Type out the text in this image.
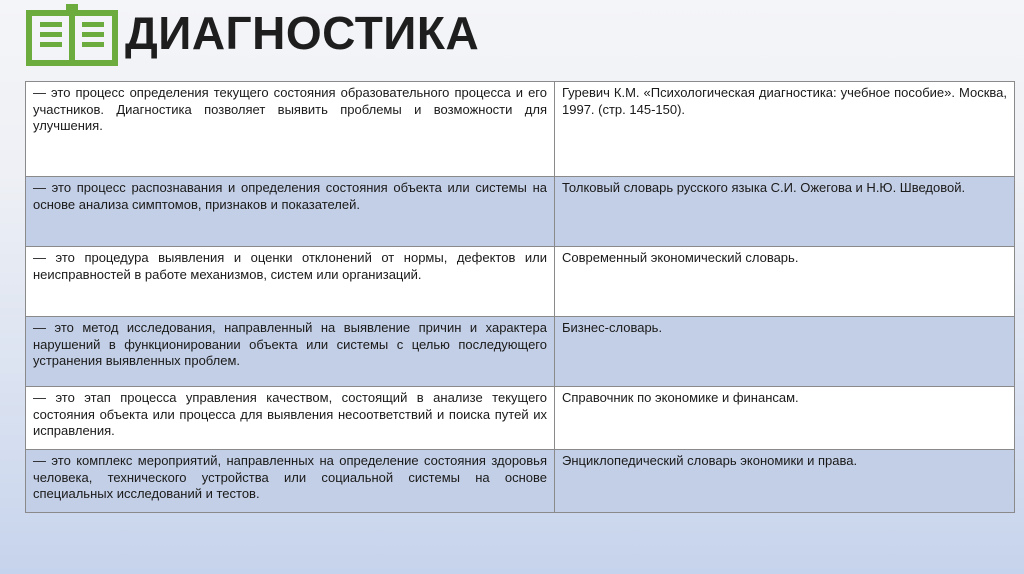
ДИАГНОСТИКА
— это процесс определения текущего состояния образовательного процесса и его участников. Диагностика позволяет выявить проблемы и возможности для улучшения.	Гуревич К.М. «Психологическая диагностика: учебное пособие». Москва, 1997. (стр. 145-150).
— это процесс распознавания и определения состояния объекта или системы на основе анализа симптомов, признаков и показателей.	Толковый словарь русского языка С.И. Ожегова и Н.Ю. Шведовой.
— это процедура выявления и оценки отклонений от нормы, дефектов или неисправностей в работе механизмов, систем или организаций.	Современный экономический словарь.
— это метод исследования, направленный на выявление причин и характера нарушений в функционировании объекта или системы с целью последующего устранения выявленных проблем.	Бизнес-словарь.
— это этап процесса управления качеством, состоящий в анализе текущего состояния объекта или процесса для выявления несоответствий и поиска путей их исправления.	Справочник по экономике и финансам.
— это комплекс мероприятий, направленных на определение состояния здоровья человека, технического устройства или социальной системы на основе специальных исследований и тестов.	Энциклопедический словарь экономики и права.
